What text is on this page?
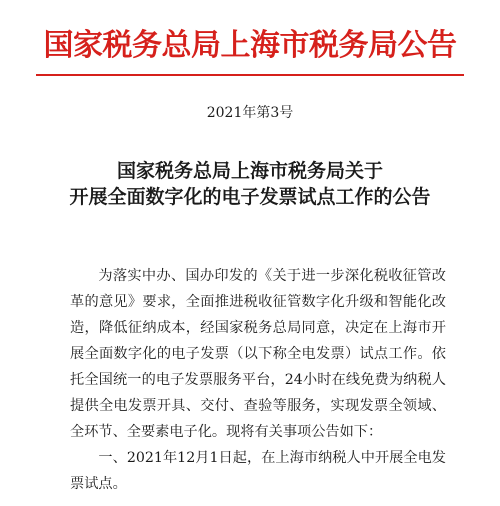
国家税务总局上海市税务局公告
2021年第3号
国家税务总局上海市税务局关于
开展全面数字化的电子发票试点工作的公告

为落实中办、国办印发的《关于进一步深化税收征管改革的意见》要求，全面推进税收征管数字化升级和智能化改造，降低征纳成本，经国家税务总局同意，决定在上海市开展全面数字化的电子发票（以下称全电发票）试点工作。依托全国统一的电子发票服务平台，24小时在线免费为纳税人提供全电发票开具、交付、查验等服务，实现发票全领域、全环节、全要素电子化。现将有关事项公告如下：

一、2021年12月1日起，在上海市纳税人中开展全电发票试点。
